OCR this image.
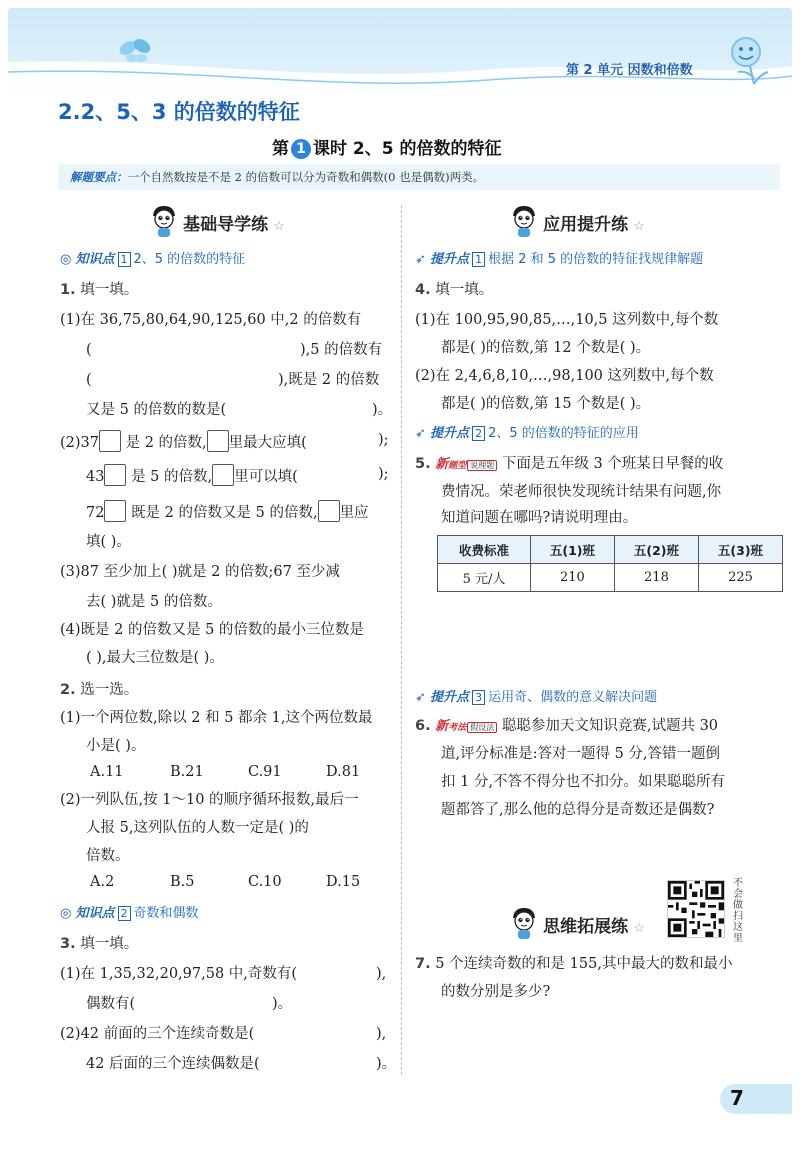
第 2 单元 因数和倍数
2.2、5、3 的倍数的特征
第 1 课时 2、5 的倍数的特征
解题要点：一个自然数按是不是 2 的倍数可以分为奇数和偶数(0 也是偶数)两类。
基础导学练 ☆
◎ 知识点 1 2、5 的倍数的特征
1. 填一填。
(1)在 36,75,80,64,90,125,60 中,2 的倍数有
(	),5 的倍数有
(	),既是 2 的倍数
又是 5 的倍数的数是(	)。
(2)37 是 2 的倍数, 里最大应填(	);
43 是 5 的倍数, 里可以填(	);
72 既是 2 的倍数又是 5 的倍数, 里应
填( )。
(3)87 至少加上( )就是 2 的倍数;67 至少减
去( )就是 5 的倍数。
(4)既是 2 的倍数又是 5 的倍数的最小三位数是
( ),最大三位数是( )。
2. 选一选。
(1)一个两位数,除以 2 和 5 都余 1,这个两位数最
小是( )。
A.11	B.21	C.91	D.81
(2)一列队伍,按 1～10 的顺序循环报数,最后一
人报 5,这列队伍的人数一定是( )的
倍数。
A.2	B.5	C.10	D.15
◎ 知识点 2 奇数和偶数
3. 填一填。
(1)在 1,35,32,20,97,58 中,奇数有(	),
偶数有(	)。
(2)42 前面的三个连续奇数是(	),
42 后面的三个连续偶数是(	)。
应用提升练 ☆
➶ 提升点 1 根据 2 和 5 的倍数的特征找规律解题
4. 填一填。
(1)在 100,95,90,85,…,10,5 这列数中,每个数
都是( )的倍数,第 12 个数是( )。
(2)在 2,4,6,8,10,…,98,100 这列数中,每个数
都是( )的倍数,第 15 个数是( )。
➶ 提升点 2 2、5 的倍数的特征的应用
5. 新题型 说理题 下面是五年级 3 个班某日早餐的收
费情况。荣老师很快发现统计结果有问题,你
知道问题在哪吗?请说明理由。
收费标准	五(1)班	五(2)班	五(3)班
5 元/人	210	218	225
➶ 提升点 3 运用奇、偶数的意义解决问题
6. 新考法 假设法 聪聪参加天文知识竞赛,试题共 30
道,评分标准是:答对一题得 5 分,答错一题倒
扣 1 分,不答不得分也不扣分。如果聪聪所有
题都答了,那么他的总得分是奇数还是偶数?
不会做扫这里
思维拓展练 ☆
7. 5 个连续奇数的和是 155,其中最大的数和最小
的数分别是多少?
7
